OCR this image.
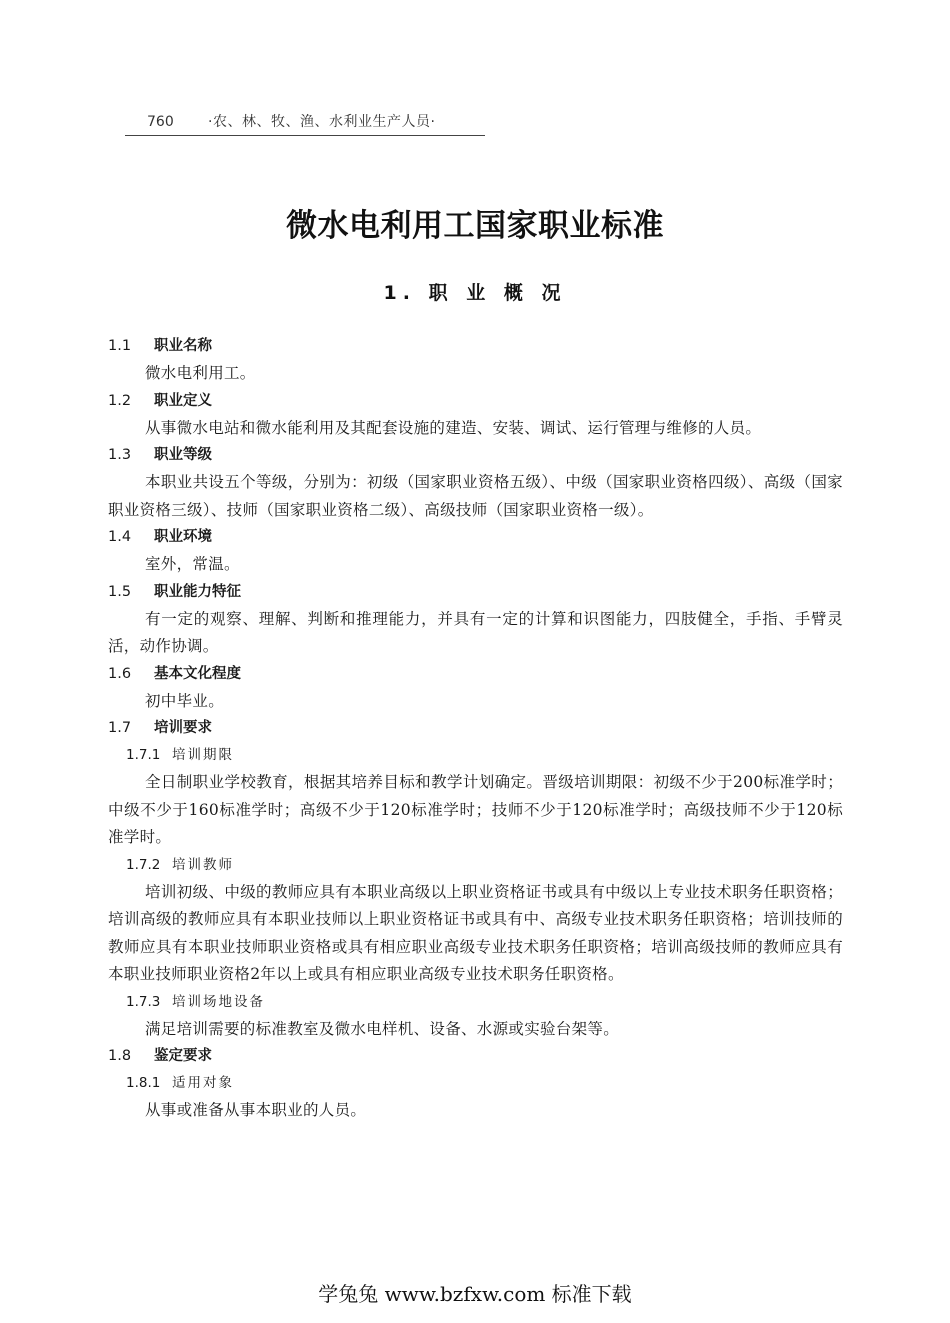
760 ·农、林、牧、渔、水利业生产人员·
微水电利用工国家职业标准
1. 职 业 概 况
1.1 职业名称
微水电利用工。
1.2 职业定义
从事微水电站和微水能利用及其配套设施的建造、安装、调试、运行管理与维修的人员。
1.3 职业等级
本职业共设五个等级，分别为：初级（国家职业资格五级）、中级（国家职业资格四级）、高级（国家职业资格三级）、技师（国家职业资格二级）、高级技师（国家职业资格一级）。
1.4 职业环境
室外，常温。
1.5 职业能力特征
有一定的观察、理解、判断和推理能力，并具有一定的计算和识图能力，四肢健全，手指、手臂灵活，动作协调。
1.6 基本文化程度
初中毕业。
1.7 培训要求
1.7.1 培训期限
全日制职业学校教育，根据其培养目标和教学计划确定。晋级培训期限：初级不少于200标准学时；中级不少于160标准学时；高级不少于120标准学时；技师不少于120标准学时；高级技师不少于120标准学时。
1.7.2 培训教师
培训初级、中级的教师应具有本职业高级以上职业资格证书或具有中级以上专业技术职务任职资格；培训高级的教师应具有本职业技师以上职业资格证书或具有中、高级专业技术职务任职资格；培训技师的教师应具有本职业技师职业资格或具有相应职业高级专业技术职务任职资格；培训高级技师的教师应具有本职业技师职业资格2年以上或具有相应职业高级专业技术职务任职资格。
1.7.3 培训场地设备
满足培训需要的标准教室及微水电样机、设备、水源或实验台架等。
1.8 鉴定要求
1.8.1 适用对象
从事或准备从事本职业的人员。
学兔兔 www.bzfxw.com 标准下载
